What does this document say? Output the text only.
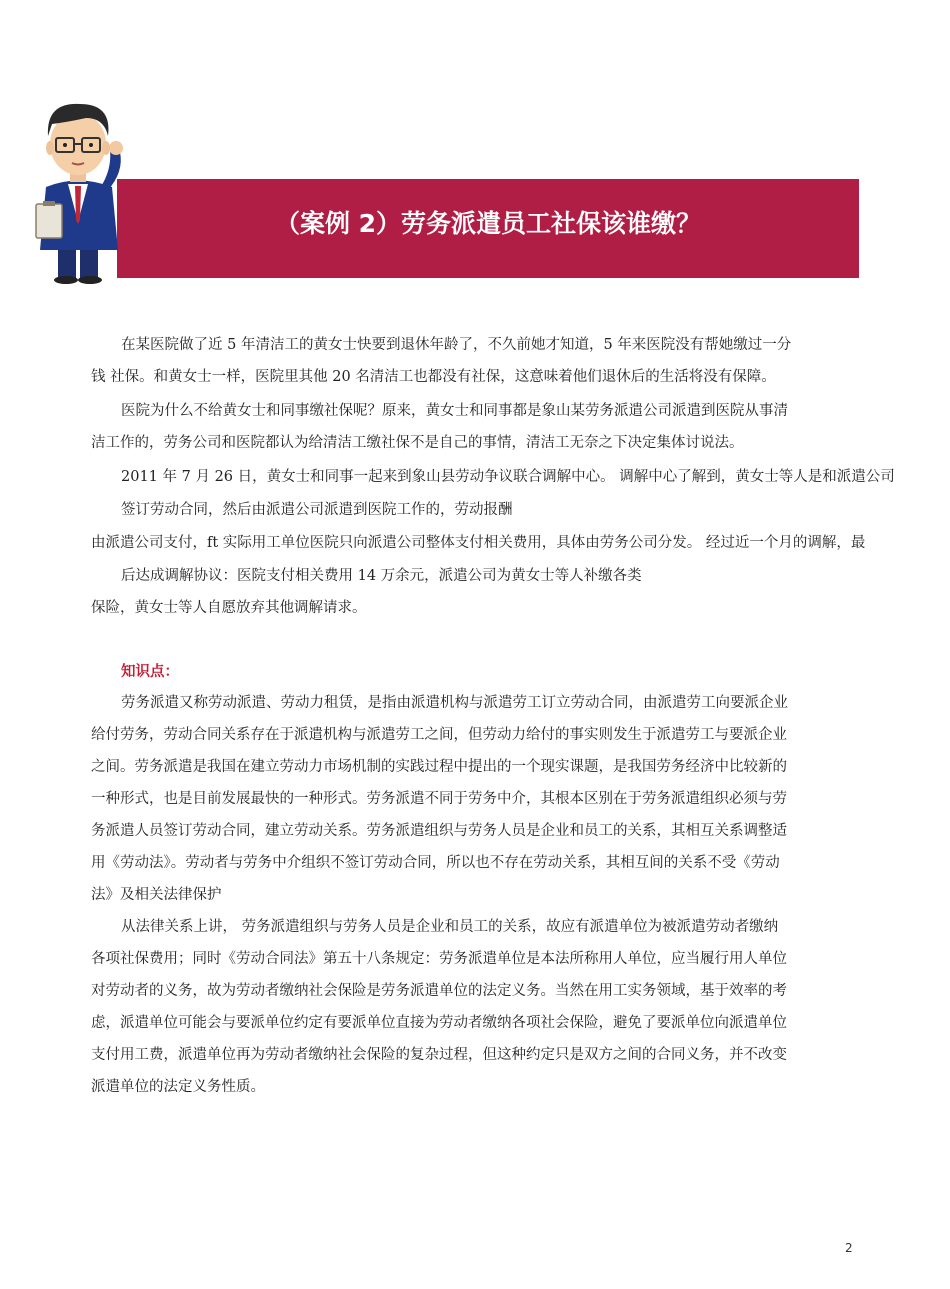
（案例 2）劳务派遣员工社保该谁缴？
在某医院做了近 5 年清洁工的黄女士快要到退休年龄了，不久前她才知道，5 年来医院没有帮她缴过一分
钱 社保。和黄女士一样，医院里其他 20 名清洁工也都没有社保，这意味着他们退休后的生活将没有保障。
医院为什么不给黄女士和同事缴社保呢？原来，黄女士和同事都是象山某劳务派遣公司派遣到医院从事清
洁工作的，劳务公司和医院都认为给清洁工缴社保不是自己的事情，清洁工无奈之下决定集体讨说法。
2011 年 7 月 26 日，黄女士和同事一起来到象山县劳动争议联合调解中心。 调解中心了解到，黄女士等人是和派遣公司
签订劳动合同，然后由派遣公司派遣到医院工作的，劳动报酬
由派遣公司支付，ft 实际用工单位医院只向派遣公司整体支付相关费用，具体由劳务公司分发。 经过近一个月的调解，最
后达成调解协议：医院支付相关费用 14 万余元，派遣公司为黄女士等人补缴各类
保险，黄女士等人自愿放弃其他调解请求。
知识点：
劳务派遣又称劳动派遣、劳动力租赁，是指由派遣机构与派遣劳工订立劳动合同，由派遣劳工向要派企业
给付劳务，劳动合同关系存在于派遣机构与派遣劳工之间，但劳动力给付的事实则发生于派遣劳工与要派企业
之间。劳务派遣是我国在建立劳动力市场机制的实践过程中提出的一个现实课题，是我国劳务经济中比较新的
一种形式，也是目前发展最快的一种形式。劳务派遣不同于劳务中介，其根本区别在于劳务派遣组织必须与劳
务派遣人员签订劳动合同，建立劳动关系。劳务派遣组织与劳务人员是企业和员工的关系，其相互关系调整适
用《劳动法》。劳动者与劳务中介组织不签订劳动合同，所以也不存在劳动关系，其相互间的关系不受《劳动
法》及相关法律保护
从法律关系上讲， 劳务派遣组织与劳务人员是企业和员工的关系，故应有派遣单位为被派遣劳动者缴纳
各项社保费用；同时《劳动合同法》第五十八条规定：劳务派遣单位是本法所称用人单位，应当履行用人单位
对劳动者的义务，故为劳动者缴纳社会保险是劳务派遣单位的法定义务。当然在用工实务领域，基于效率的考
虑，派遣单位可能会与要派单位约定有要派单位直接为劳动者缴纳各项社会保险，避免了要派单位向派遣单位
支付用工费，派遣单位再为劳动者缴纳社会保险的复杂过程，但这种约定只是双方之间的合同义务，并不改变
派遣单位的法定义务性质。
2
